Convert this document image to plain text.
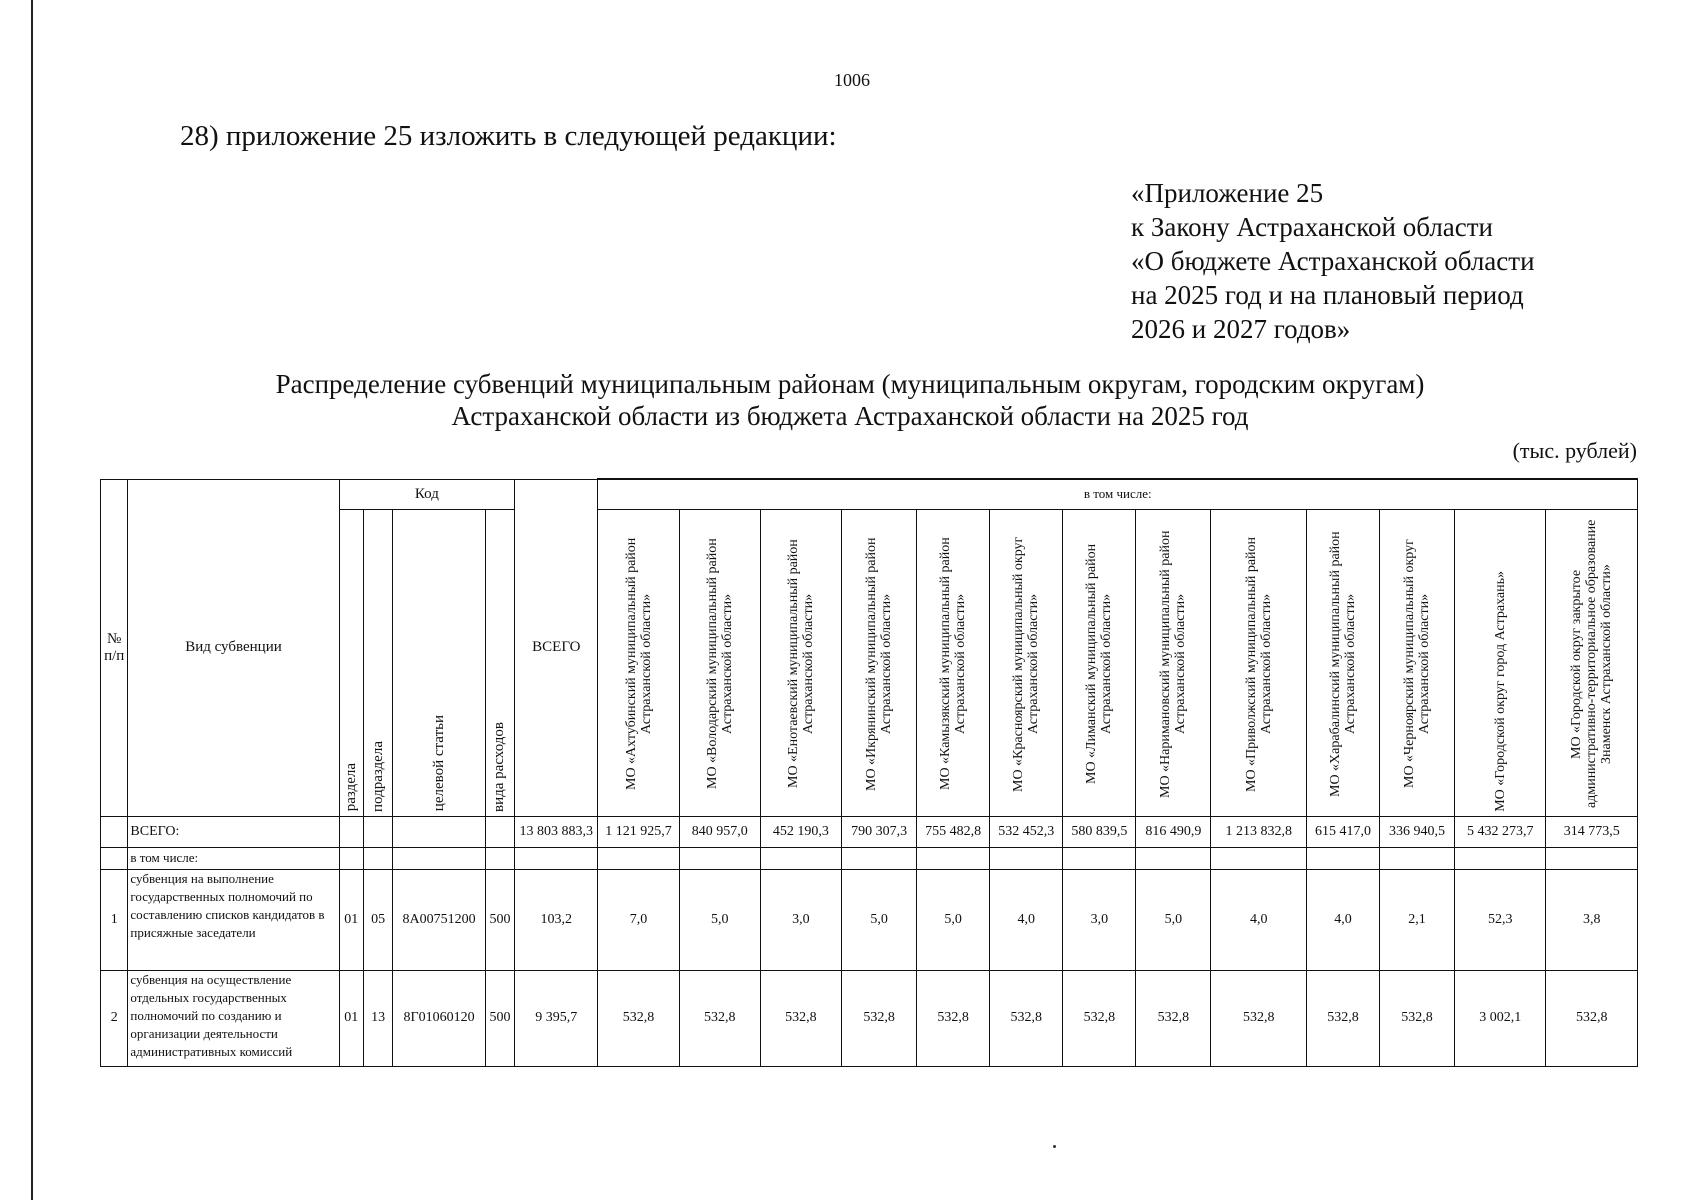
1006
28) приложение 25 изложить в следующей редакции:
«Приложение 25
к Закону Астраханской области
«О бюджете Астраханской области
на 2025 год и на плановый период
2026 и 2027 годов»
Распределение субвенций муниципальным районам (муниципальным округам, городским округам)
Астраханской области из бюджета Астраханской области на 2025 год
(тыс. рублей)
№ п/п	Вид субвенции	Код				ВСЕГО	в том числе:												
		раздела	подраздела	целевой статьи	вида расходов		МО «Ахтубинский муниципальный район Астраханской области»	МО «Володарский муниципальный район Астраханской области»	МО «Енотаевский муниципальный район Астраханской области»	МО «Икрянинский муниципальный район Астраханской области»	МО «Камызякский муниципальный район Астраханской области»	МО «Красноярский муниципальный округ Астраханской области»	МО «Лиманский муниципальный район Астраханской области»	МО «Наримановский муниципальный район Астраханской области»	МО «Приволжский муниципальный район Астраханской области»	МО «Харабалинский муниципальный район Астраханской области»	МО «Черноярский муниципальный округ Астраханской области»	МО «Городской округ город Астрахань»	МО «Городской округ закрытое административно-территориальное образование Знаменск Астраханской области»
	ВСЕГО:					13 803 883,3	1 121 925,7	840 957,0	452 190,3	790 307,3	755 482,8	532 452,3	580 839,5	816 490,9	1 213 832,8	615 417,0	336 940,5	5 432 273,7	314 773,5
	в том числе:																		
1	субвенция на выполнение государственных полномочий по составлению списков кандидатов в присяжные заседатели	01	05	8А00751200	500	103,2	7,0	5,0	3,0	5,0	5,0	4,0	3,0	5,0	4,0	4,0	2,1	52,3	3,8
2	субвенция на осуществление отдельных государственных полномочий по созданию и организации деятельности административных комиссий	01	13	8Г01060120	500	9 395,7	532,8	532,8	532,8	532,8	532,8	532,8	532,8	532,8	532,8	532,8	532,8	3 002,1	532,8
